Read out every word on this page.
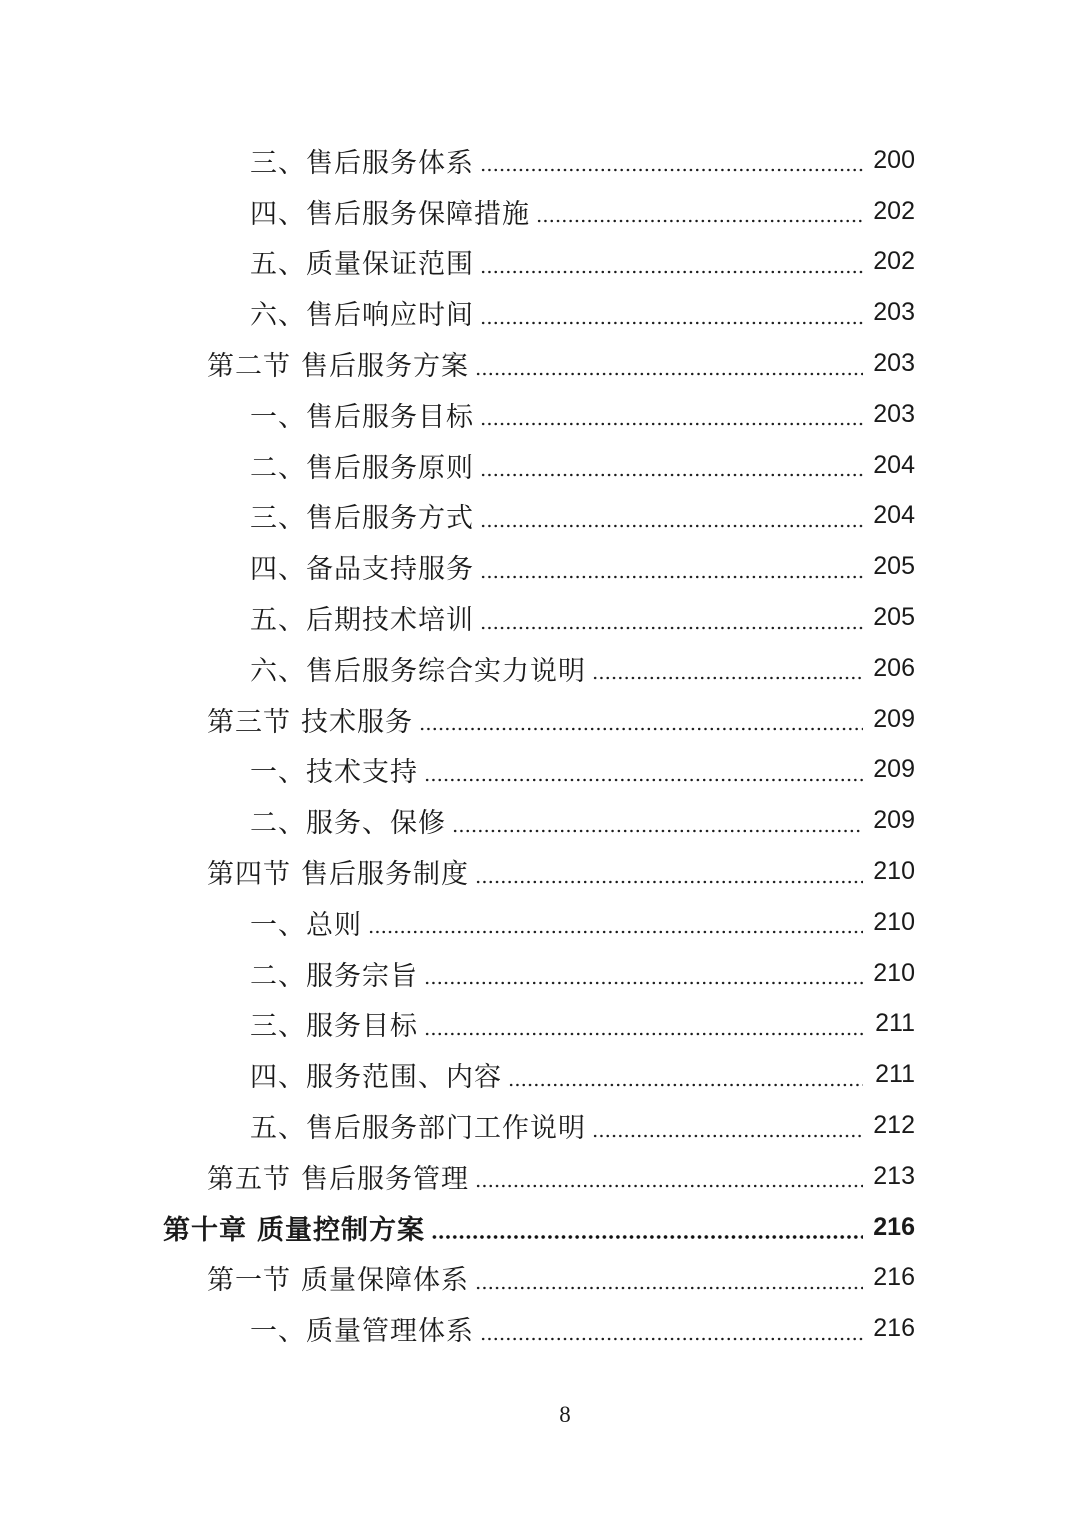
三、售后服务体系	200
四、售后服务保障措施	202
五、质量保证范围	202
六、售后响应时间	203
第二节 售后服务方案	203
一、售后服务目标	203
二、售后服务原则	204
三、售后服务方式	204
四、备品支持服务	205
五、后期技术培训	205
六、售后服务综合实力说明	206
第三节 技术服务	209
一、技术支持	209
二、服务、保修	209
第四节 售后服务制度	210
一、总则	210
二、服务宗旨	210
三、服务目标	211
四、服务范围、内容	211
五、售后服务部门工作说明	212
第五节 售后服务管理	213
第十章 质量控制方案	216
第一节 质量保障体系	216
一、质量管理体系	216
8
